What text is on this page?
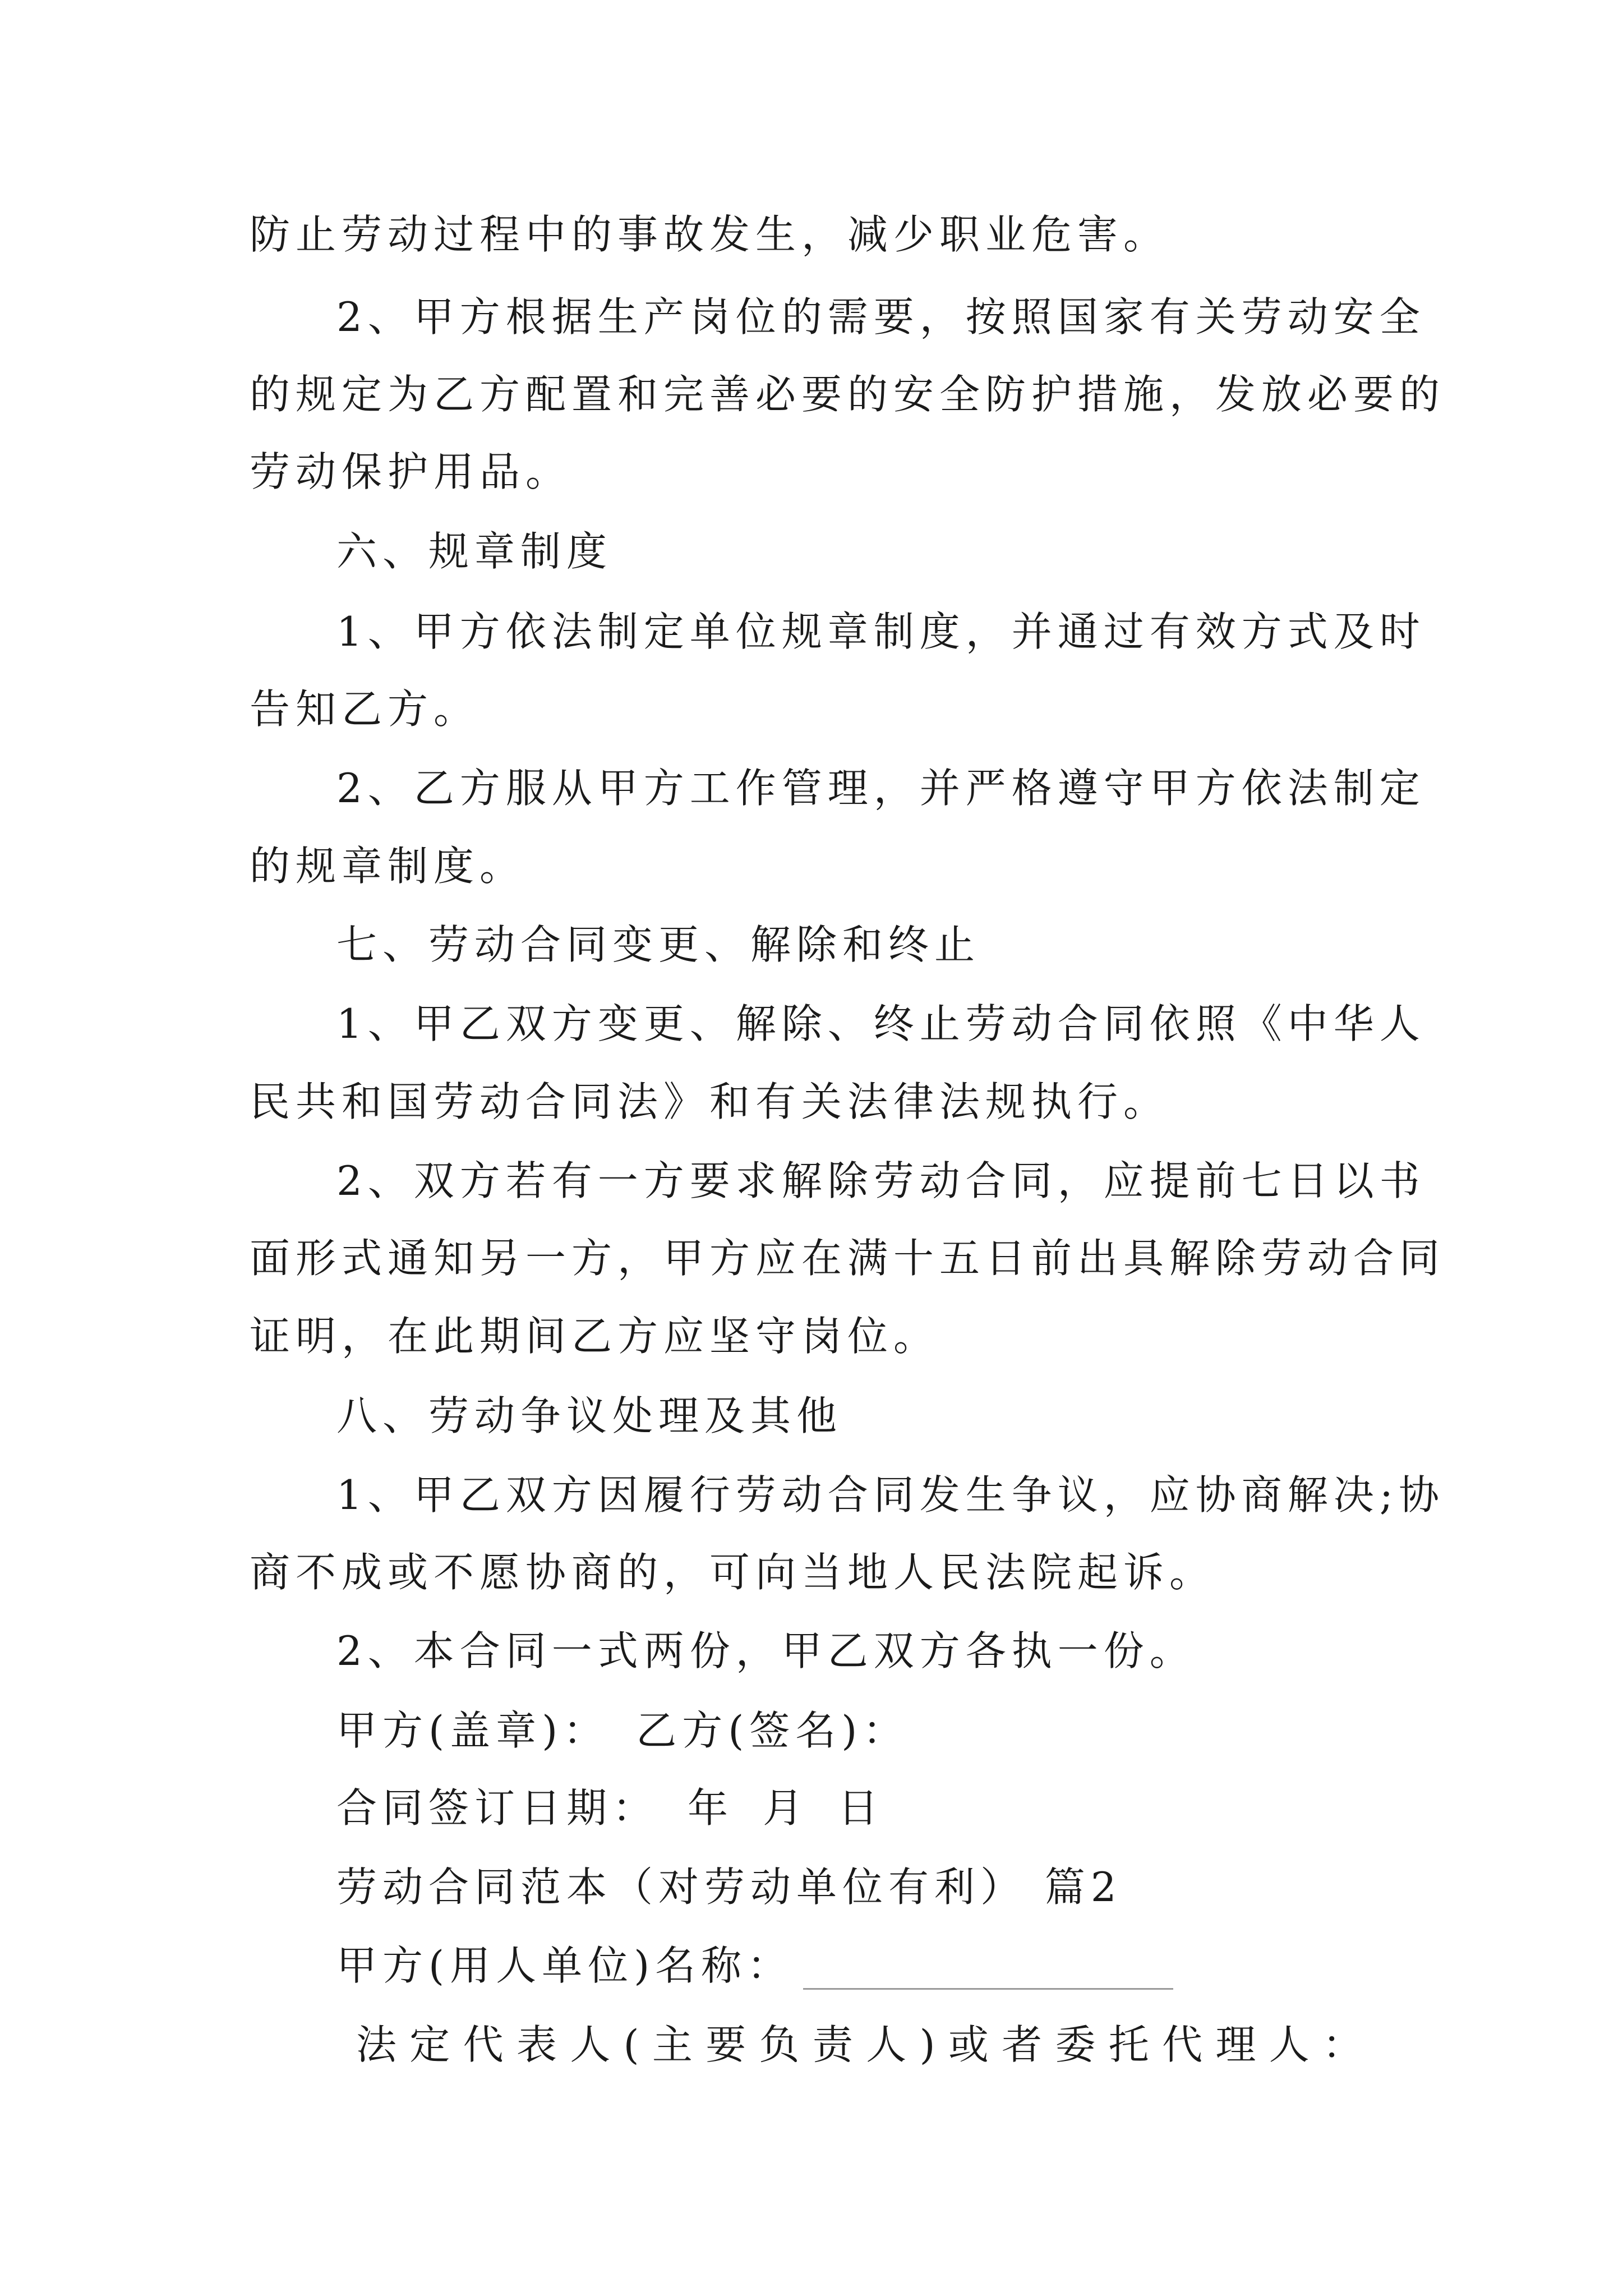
防止劳动过程中的事故发生，减少职业危害。
2、甲方根据生产岗位的需要，按照国家有关劳动安全
的规定为乙方配置和完善必要的安全防护措施，发放必要的
劳动保护用品。
六、规章制度
1、甲方依法制定单位规章制度，并通过有效方式及时
告知乙方。
2、乙方服从甲方工作管理，并严格遵守甲方依法制定
的规章制度。
七、劳动合同变更、解除和终止
1、甲乙双方变更、解除、终止劳动合同依照《中华人
民共和国劳动合同法》和有关法律法规执行。
2、双方若有一方要求解除劳动合同，应提前七日以书
面形式通知另一方，甲方应在满十五日前出具解除劳动合同
证明，在此期间乙方应坚守岗位。
八、劳动争议处理及其他
1、甲乙双方因履行劳动合同发生争议，应协商解决;协
商不成或不愿协商的，可向当地人民法院起诉。
2、本合同一式两份，甲乙双方各执一份。
甲方(盖章)： 乙方(签名)：
合同签订日期： 年 月 日
劳动合同范本（对劳动单位有利） 篇2
甲方(用人单位)名称：
法定代表人(主要负责人)或者委托代理人：
